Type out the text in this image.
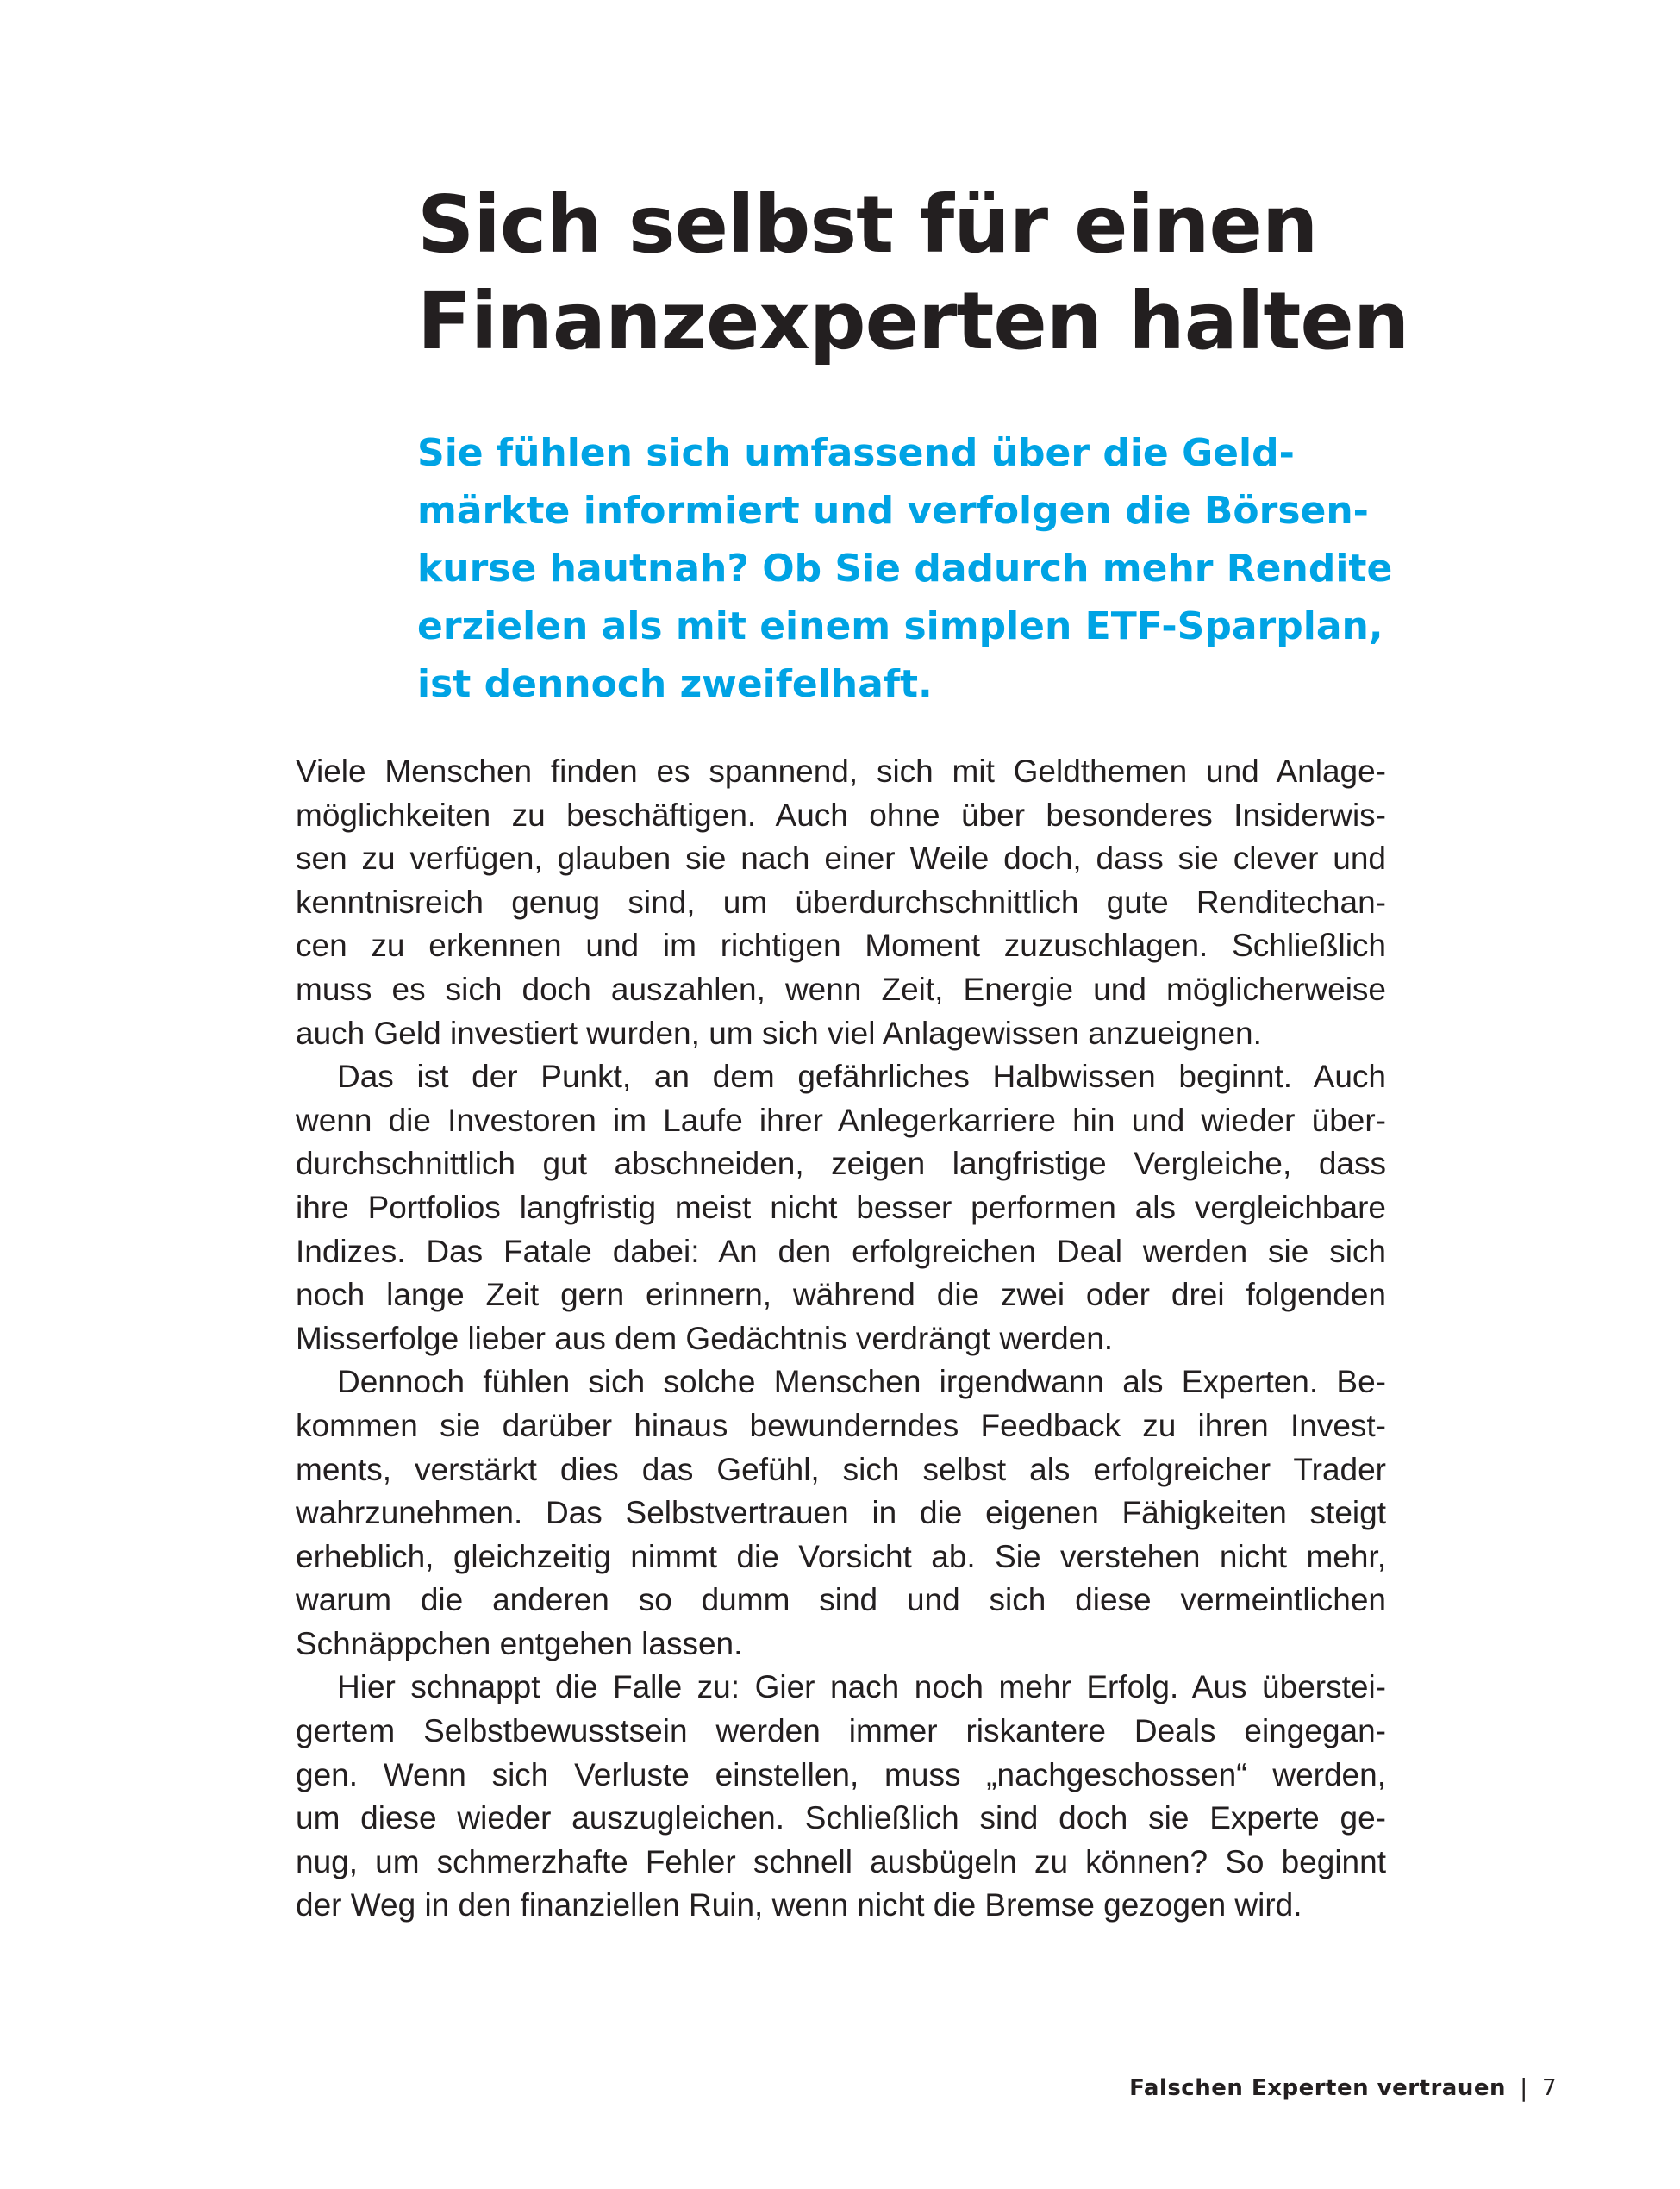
Sich selbst für einen
Finanzexperten halten
Sie fühlen sich umfassend über die Geld-
märkte informiert und verfolgen die Börsen-
kurse hautnah? Ob Sie dadurch mehr Rendite
erzielen als mit einem simplen ETF-Sparplan,
ist dennoch zweifelhaft.

Viele Menschen finden es spannend, sich mit Geldthemen und Anlage-
möglichkeiten zu beschäftigen. Auch ohne über besonderes Insiderwis-
sen zu verfügen, glauben sie nach einer Weile doch, dass sie clever und
kenntnisreich genug sind, um überdurchschnittlich gute Renditechan-
cen zu erkennen und im richtigen Moment zuzuschlagen. Schließlich
muss es sich doch auszahlen, wenn Zeit, Energie und möglicherweise
auch Geld investiert wurden, um sich viel Anlagewissen anzueignen.

Das ist der Punkt, an dem gefährliches Halbwissen beginnt. Auch
wenn die Investoren im Laufe ihrer Anlegerkarriere hin und wieder über-
durchschnittlich gut abschneiden, zeigen langfristige Vergleiche, dass
ihre Portfolios langfristig meist nicht besser performen als vergleichbare
Indizes. Das Fatale dabei: An den erfolgreichen Deal werden sie sich
noch lange Zeit gern erinnern, während die zwei oder drei folgenden
Misserfolge lieber aus dem Gedächtnis verdrängt werden.

Dennoch fühlen sich solche Menschen irgendwann als Experten. Be-
kommen sie darüber hinaus bewunderndes Feedback zu ihren Invest-
ments, verstärkt dies das Gefühl, sich selbst als erfolgreicher Trader
wahrzunehmen. Das Selbstvertrauen in die eigenen Fähigkeiten steigt
erheblich, gleichzeitig nimmt die Vorsicht ab. Sie verstehen nicht mehr,
warum die anderen so dumm sind und sich diese vermeintlichen
Schnäppchen entgehen lassen.

Hier schnappt die Falle zu: Gier nach noch mehr Erfolg. Aus überstei-
gertem Selbstbewusstsein werden immer riskantere Deals eingegan-
gen. Wenn sich Verluste einstellen, muss „nachgeschossen“ werden,
um diese wieder auszugleichen. Schließlich sind doch sie Experte ge-
nug, um schmerzhafte Fehler schnell ausbügeln zu können? So beginnt
der Weg in den finanziellen Ruin, wenn nicht die Bremse gezogen wird.

Falschen Experten vertrauen | 7
